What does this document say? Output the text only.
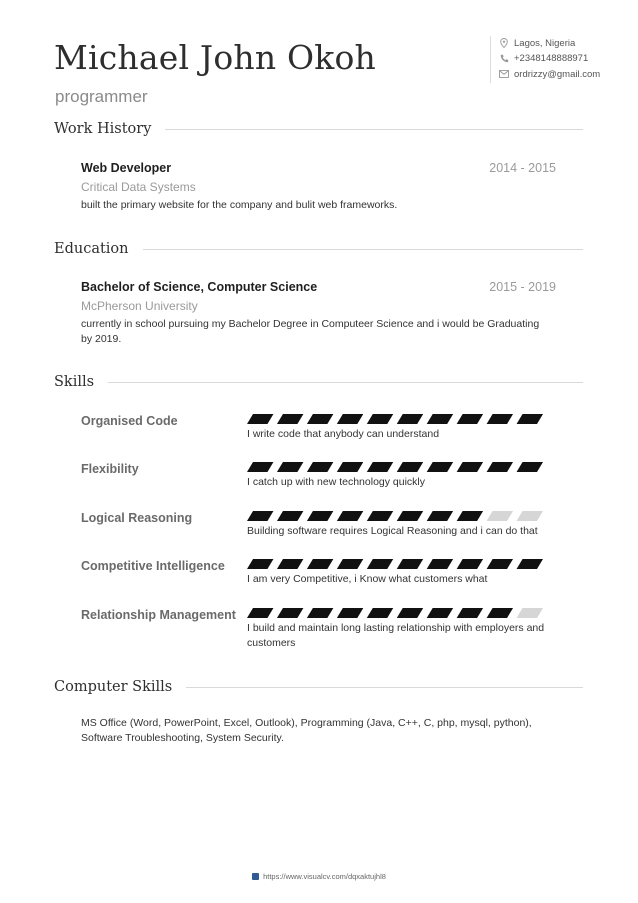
Michael John Okoh
programmer
Lagos, Nigeria
+2348148888971
ordrizzy@gmail.com
Work History
Web Developer	2014 - 2015
Critical Data Systems
built the primary website for the company and bulit web frameworks.
Education
Bachelor of Science, Computer Science	2015 - 2019
McPherson University
currently in school pursuing my Bachelor Degree in Computeer Science and i would be Graduating by 2019.
Skills
Organised Code
I write code that anybody can understand
Flexibility
I catch up with new technology quickly
Logical Reasoning
Building software requires Logical Reasoning and i can do that
Competitive Intelligence
I am very Competitive, i Know what customers what
Relationship Management
I build and maintain long lasting relationship with employers and customers
Computer Skills
MS Office (Word, PowerPoint, Excel, Outlook), Programming (Java, C++, C, php, mysql, python), Software Troubleshooting, System Security.
https://www.visualcv.com/dqxaktujhl8
